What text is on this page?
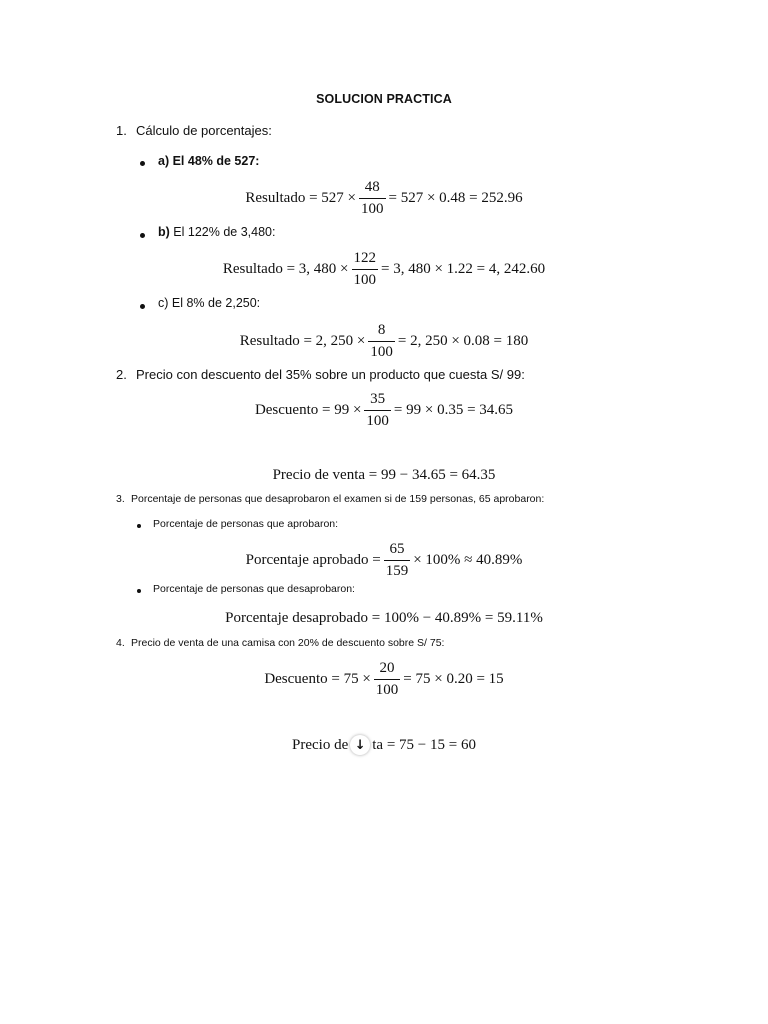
SOLUCION PRACTICA
1. Cálculo de porcentajes:
a) El 48% de 527:
Resultado = $527 \times \frac{48}{100} = 527 \times 0.48 = 252.96$
b) El 122% de 3,480:
Resultado = 3, $480 \times \frac{122}{100} = 3$, 480 × 1.22 = 4, 242.60
c) El 8% de 2,250:
Resultado = 2, $250 \times \frac{8}{100} = 2$, 250 × 0.08 = 180
2. Precio con descuento del 35% sobre un producto que cuesta S/ 99:
Descuento = $99 \times \frac{35}{100} = 99 \times 0.35 = 34.65$
Precio de venta = 99 − 34.65 = 64.35
3. Porcentaje de personas que desaprobaron el examen si de 159 personas, 65 aprobaron:
Porcentaje de personas que aprobaron:
Porcentaje aprobado = $\frac{65}{159} \times 100\% \approx 40.89\%$
Porcentaje de personas que desaprobaron:
Porcentaje desaprobado = 100% − 40.89% = 59.11%
4. Precio de venta de una camisa con 20% de descuento sobre S/ 75:
Descuento = $75 \times \frac{20}{100} = 75 \times 0.20 = 15$
Precio de ↓ ta = 75 − 15 = 60
